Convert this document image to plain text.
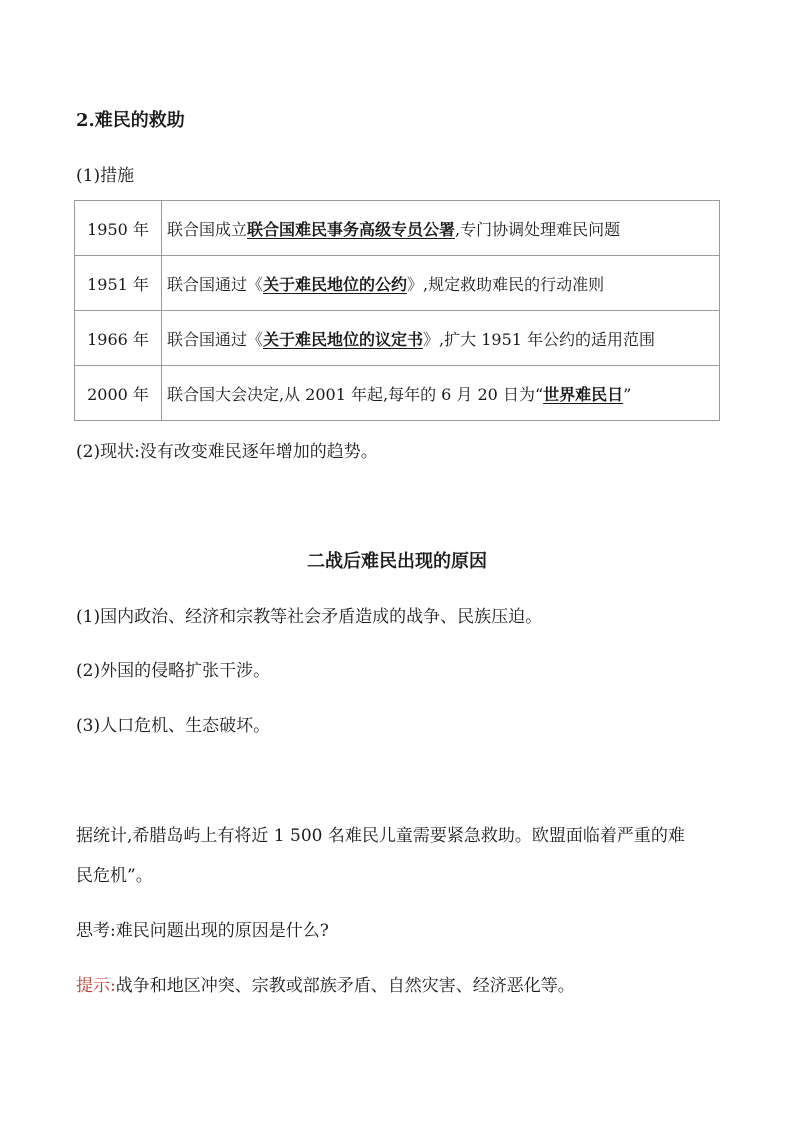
2.难民的救助
(1)措施
1950 年	联合国成立联合国难民事务高级专员公署,专门协调处理难民问题
1951 年	联合国通过《关于难民地位的公约》,规定救助难民的行动准则
1966 年	联合国通过《关于难民地位的议定书》,扩大 1951 年公约的适用范围
2000 年	联合国大会决定,从 2001 年起,每年的 6 月 20 日为“世界难民日”
(2)现状:没有改变难民逐年增加的趋势。
二战后难民出现的原因
(1)国内政治、经济和宗教等社会矛盾造成的战争、民族压迫。
(2)外国的侵略扩张干涉。
(3)人口危机、生态破坏。
据统计,希腊岛屿上有将近 1 500 名难民儿童需要紧急救助。欧盟面临着严重的难
民危机”。
思考:难民问题出现的原因是什么?
提示:战争和地区冲突、宗教或部族矛盾、自然灾害、经济恶化等。
